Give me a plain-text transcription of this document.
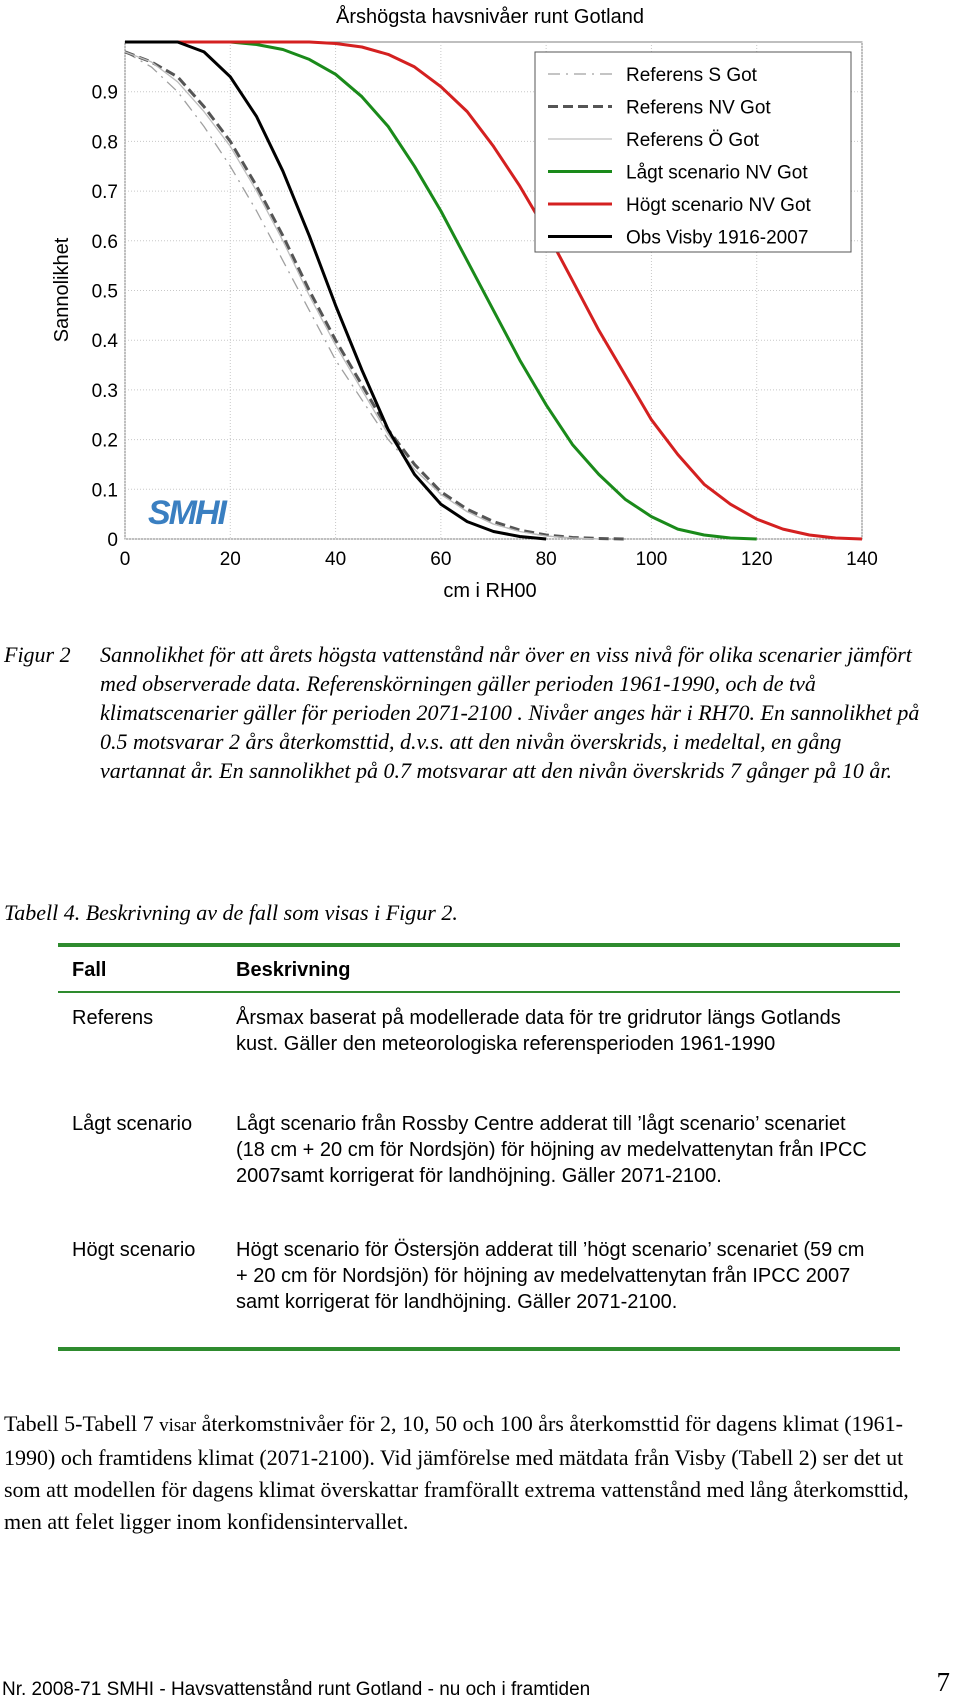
Årshögsta havsnivåer runt Gotland
0	20	40	60	80	100	120	140
0
0.1
0.2
0.3
0.4
0.5
0.6
0.7
0.8
0.9
cm i RH00
Sannolikhet
SMHI
Referens S Got
Referens NV Got
Referens Ö Got
Lågt scenario NV Got
Högt scenario NV Got
Obs Visby 1916-2007
Figur 2 Sannolikhet för att årets högsta vattenstånd når över en viss nivå för olika scenarier jämfört med observerade data. Referenskörningen gäller perioden 1961-1990, och de två klimatscenarier gäller för perioden 2071-2100 . Nivåer anges här i RH70. En sannolikhet på 0.5 motsvarar 2 års återkomsttid, d.v.s. att den nivån överskrids, i medeltal, en gång vartannat år. En sannolikhet på 0.7 motsvarar att den nivån överskrids 7 gånger på 10 år.
Tabell 4. Beskrivning av de fall som visas i Figur 2.
Fall	Beskrivning
Referens	Årsmax baserat på modellerade data för tre gridrutor längs Gotlands kust. Gäller den meteorologiska referensperioden 1961-1990
Lågt scenario	Lågt scenario från Rossby Centre adderat till ’lågt scenario’ scenariet (18 cm + 20 cm för Nordsjön) för höjning av medelvattenytan från IPCC 2007samt korrigerat för landhöjning. Gäller 2071-2100.
Högt scenario	Högt scenario för Östersjön adderat till ’högt scenario’ scenariet (59 cm + 20 cm för Nordsjön) för höjning av medelvattenytan från IPCC 2007 samt korrigerat för landhöjning. Gäller 2071-2100.
Tabell 5-Tabell 7 visar återkomstnivåer för 2, 10, 50 och 100 års återkomsttid för dagens klimat (1961-1990) och framtidens klimat (2071-2100). Vid jämförelse med mätdata från Visby (Tabell 2) ser det ut som att modellen för dagens klimat överskattar framförallt extrema vattenstånd med lång återkomsttid, men att felet ligger inom konfidensintervallet.
Nr. 2008-71 SMHI - Havsvattenstånd runt Gotland - nu och i framtiden	7
